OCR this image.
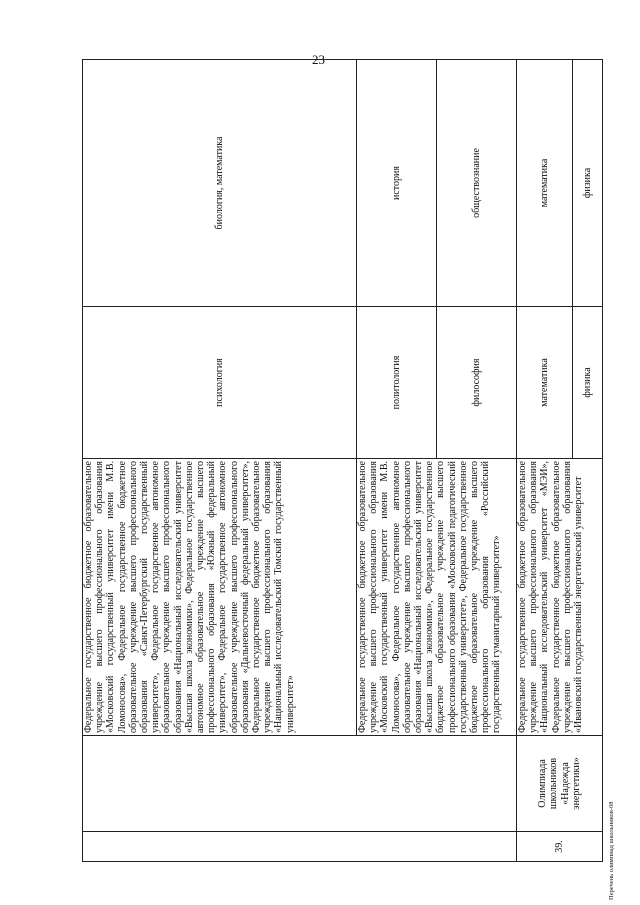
23
		Федеральное государственное бюджетное образовательное учреждение высшего профессионального образования «Московский государственный университет имени М.В. Ломоносова», Федеральное государственное бюджетное образовательное учреждение высшего профессионального образования «Санкт-Петербургский государственный университет», Федеральное государственное автономное образовательное учреждение высшего профессионального образования «Национальный исследовательский университет «Высшая школа экономики», Федеральное государственное автономное образовательное учреждение высшего профессионального образования «Южный федеральный университет», Федеральное государственное автономное образовательное учреждение высшего профессионального образования «Дальневосточный федеральный университет», Федеральное государственное бюджетное образовательное учреждение высшего профессионального образования «Национальный исследовательский Томский государственный университет»	психология	биология, математика
		Федеральное государственное бюджетное образовательное учреждение высшего профессионального образования «Московский государственный университет имени М.В. Ломоносова», Федеральное государственное автономное образовательное учреждение высшего профессионального образования «Национальный исследовательский университет «Высшая школа экономики», Федеральное государственное бюджетное образовательное учреждение высшего профессионального образования «Московский педагогический государственный университет», Федеральное государственное бюджетное образовательное учреждение высшего профессионального образования «Российский государственный гуманитарный университет»	политология	история
			философия	обществознание
39.	Олимпиада школьников «Надежда энергетики»	Федеральное государственное бюджетное образовательное учреждение высшего профессионального образования «Национальный исследовательский университет «МЭИ», Федеральное государственное бюджетное образовательное учреждение высшего профессионального образования «Ивановский государственный энергетический университет	математика	математика
			физика	физика
Перечень олимпиад школьников-08
